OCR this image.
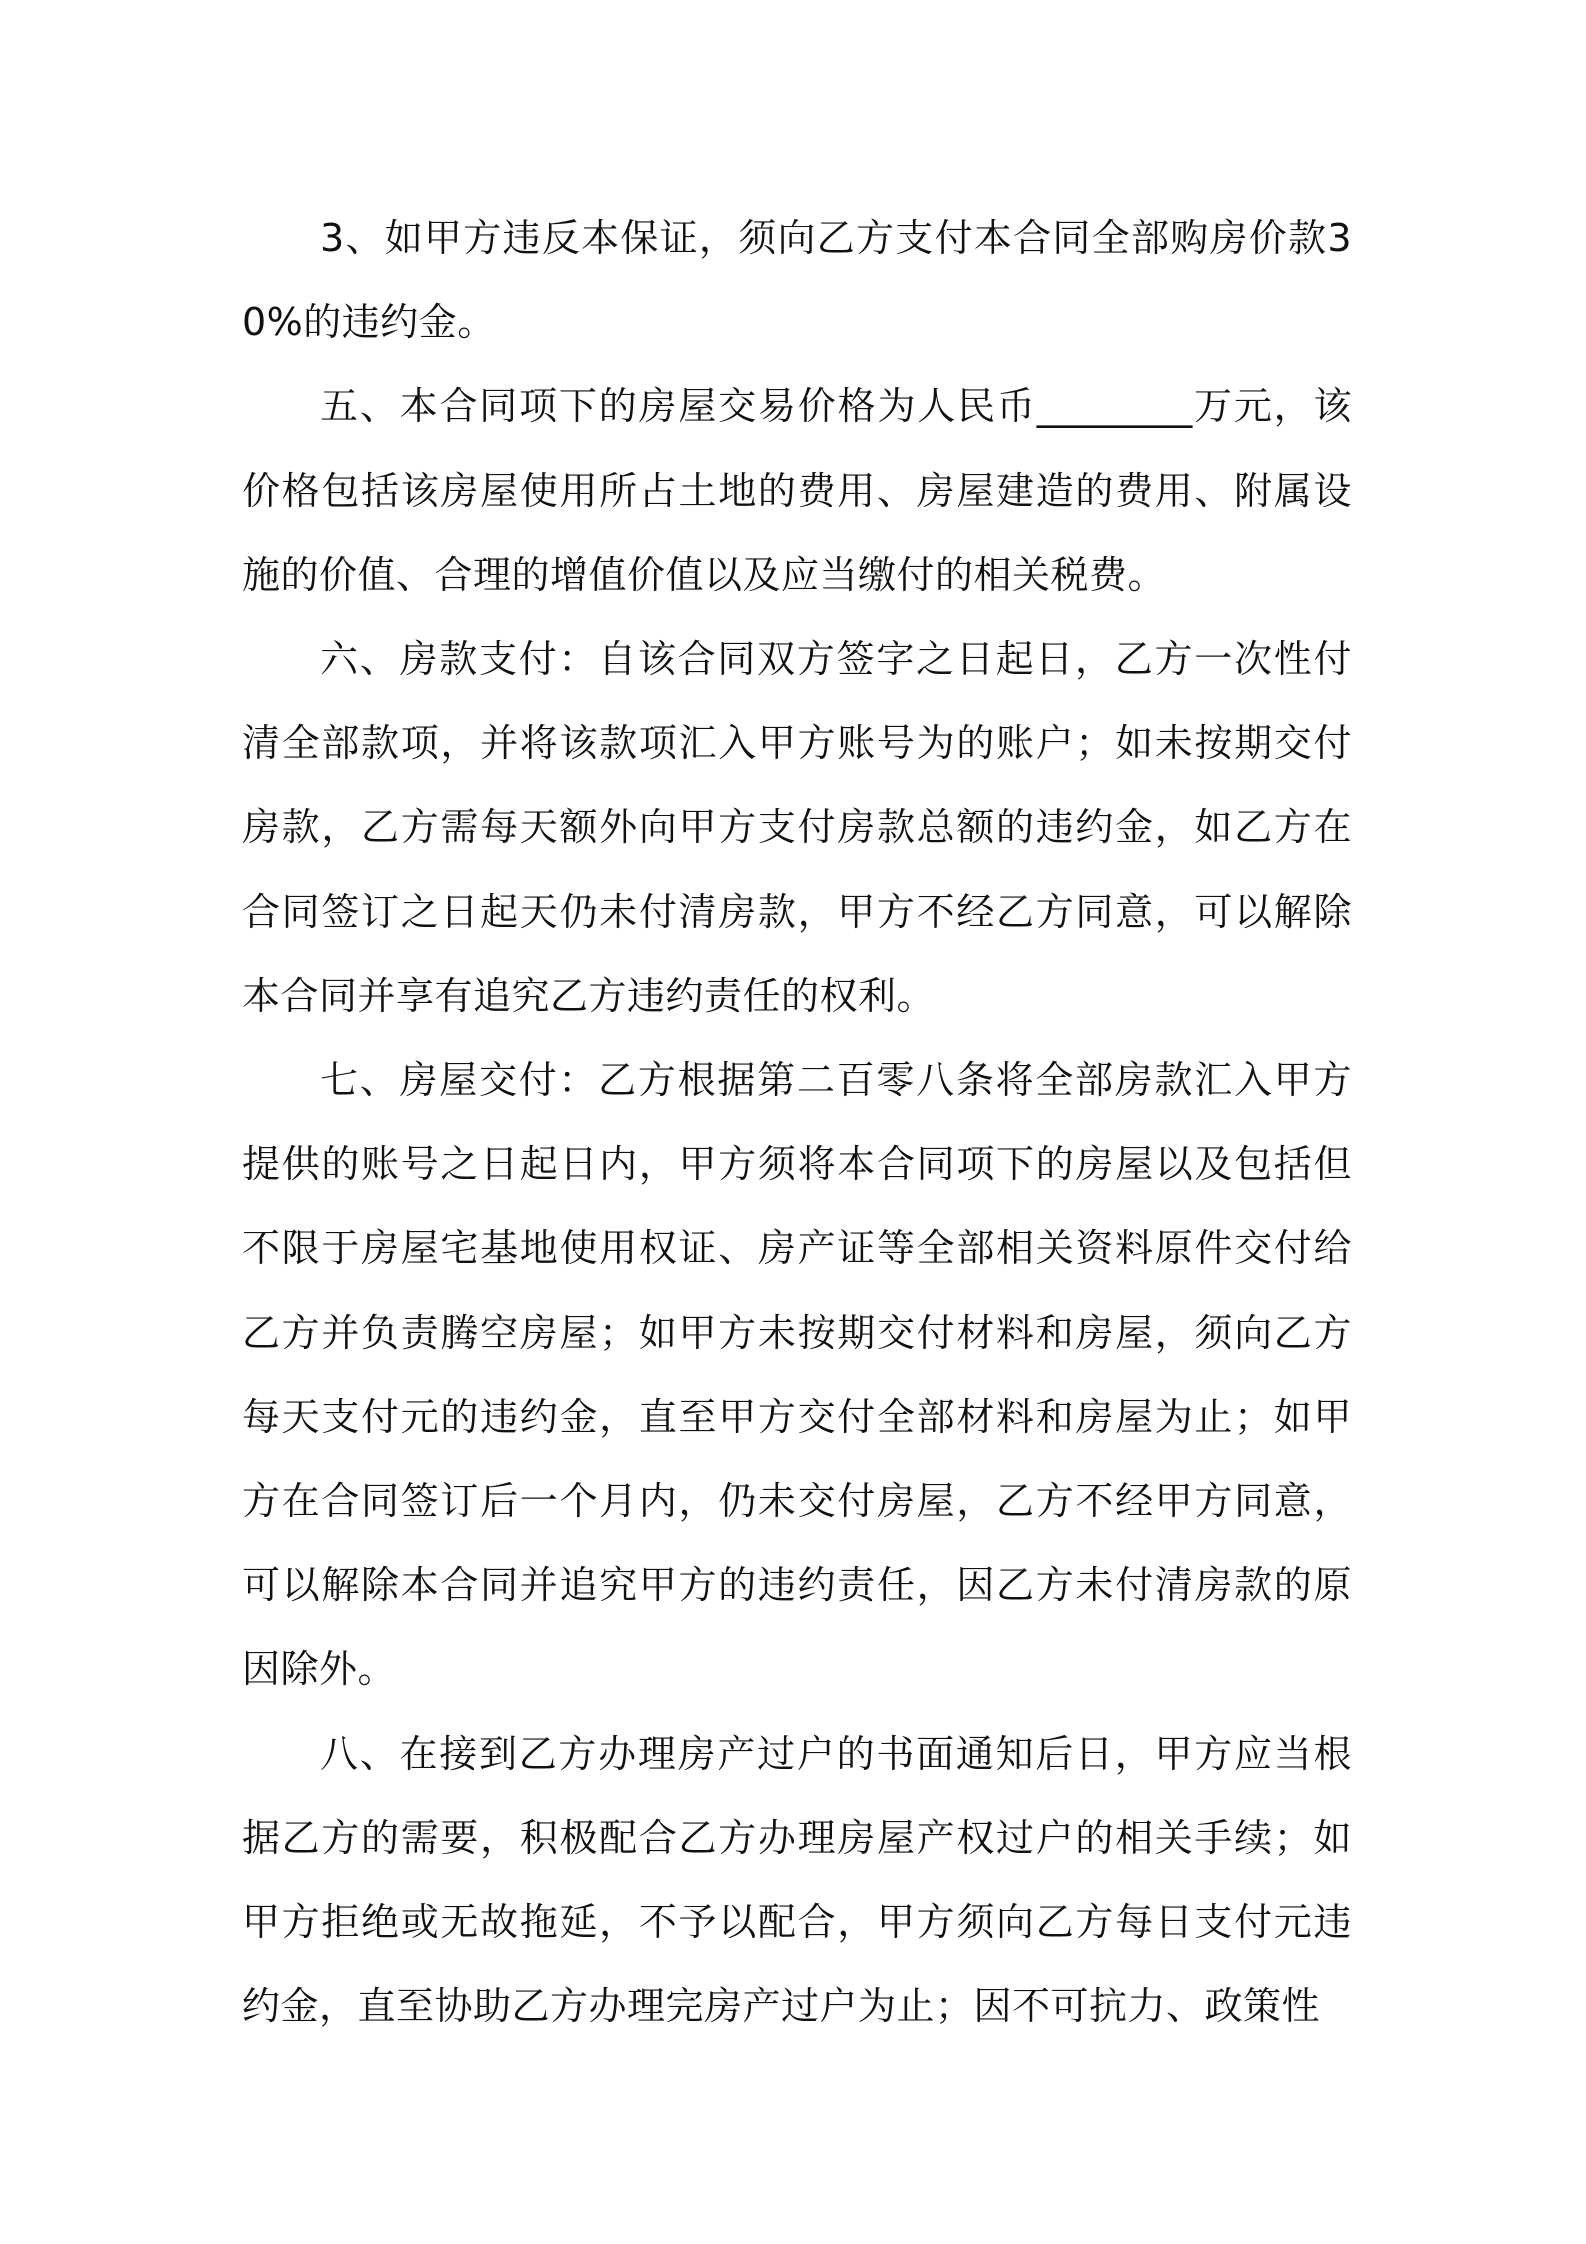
3、如甲方违反本保证，须向乙方支付本合同全部购房价款30%的违约金。

五、本合同项下的房屋交易价格为人民币________万元，该价格包括该房屋使用所占土地的费用、房屋建造的费用、附属设施的价值、合理的增值价值以及应当缴付的相关税费。

六、房款支付：自该合同双方签字之日起日，乙方一次性付清全部款项，并将该款项汇入甲方账号为的账户；如未按期交付房款，乙方需每天额外向甲方支付房款总额的违约金，如乙方在合同签订之日起天仍未付清房款，甲方不经乙方同意，可以解除本合同并享有追究乙方违约责任的权利。

七、房屋交付：乙方根据第二百零八条将全部房款汇入甲方提供的账号之日起日内，甲方须将本合同项下的房屋以及包括但不限于房屋宅基地使用权证、房产证等全部相关资料原件交付给乙方并负责腾空房屋；如甲方未按期交付材料和房屋，须向乙方每天支付元的违约金，直至甲方交付全部材料和房屋为止；如甲方在合同签订后一个月内，仍未交付房屋，乙方不经甲方同意，可以解除本合同并追究甲方的违约责任，因乙方未付清房款的原因除外。

八、在接到乙方办理房产过户的书面通知后日，甲方应当根据乙方的需要，积极配合乙方办理房屋产权过户的相关手续；如甲方拒绝或无故拖延，不予以配合，甲方须向乙方每日支付元违约金，直至协助乙方办理完房产过户为止；因不可抗力、政策性
